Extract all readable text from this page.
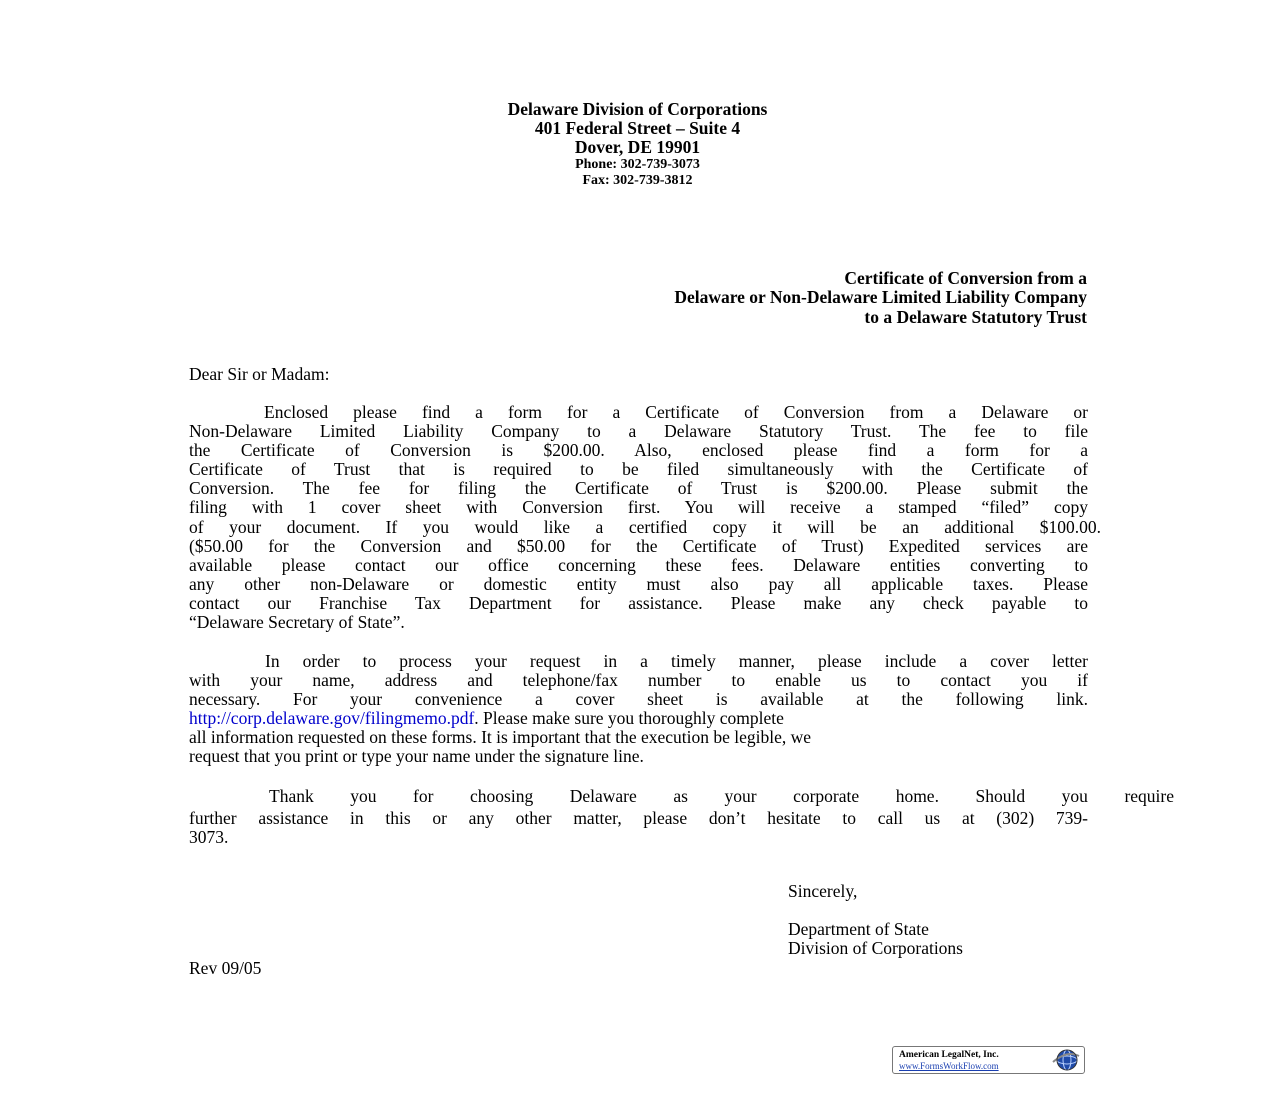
Delaware Division of Corporations
401 Federal Street – Suite 4
Dover, DE 19901
Phone: 302-739-3073
Fax: 302-739-3812
Certificate of Conversion from a
Delaware or Non-Delaware Limited Liability Company
to a Delaware Statutory Trust
Dear Sir or Madam:
Enclosed please find a form for a Certificate of Conversion from a Delaware or
Non-Delaware Limited Liability Company to a Delaware Statutory Trust. The fee to file
the Certificate of Conversion is $200.00. Also, enclosed please find a form for a
Certificate of Trust that is required to be filed simultaneously with the Certificate of
Conversion. The fee for filing the Certificate of Trust is $200.00. Please submit the
filing with 1 cover sheet with Conversion first. You will receive a stamped “filed” copy
of your document. If you would like a certified copy it will be an additional $100.00.
($50.00 for the Conversion and $50.00 for the Certificate of Trust) Expedited services are
available please contact our office concerning these fees. Delaware entities converting to
any other non-Delaware or domestic entity must also pay all applicable taxes. Please
contact our Franchise Tax Department for assistance. Please make any check payable to
“Delaware Secretary of State”.
In order to process your request in a timely manner, please include a cover letter
with your name, address and telephone/fax number to enable us to contact you if
necessary. For your convenience a cover sheet is available at the following link.
http://corp.delaware.gov/filingmemo.pdf. Please make sure you thoroughly complete
all information requested on these forms. It is important that the execution be legible, we
request that you print or type your name under the signature line.
Thank you for choosing Delaware as your corporate home. Should you require
further assistance in this or any other matter, please don’t hesitate to call us at (302) 739-
3073.
Sincerely,
Department of State
Division of Corporations
Rev 09/05
American LegalNet, Inc.
www.FormsWorkFlow.com
